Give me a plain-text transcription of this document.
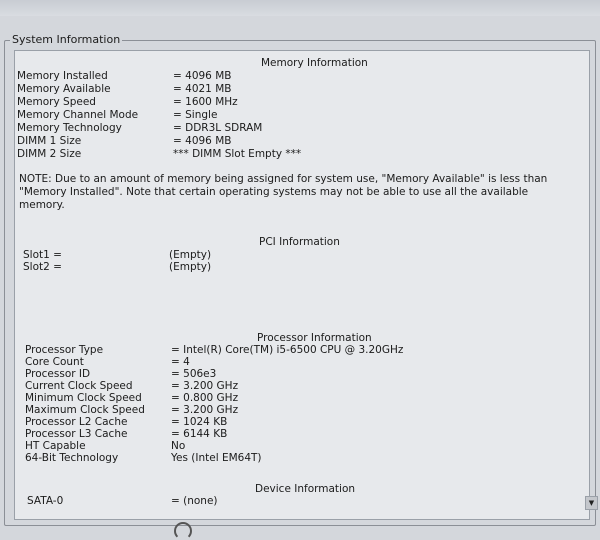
System Information
Memory Information
Memory Installed	= 4096 MB
Memory Available	= 4021 MB
Memory Speed	= 1600 MHz
Memory Channel Mode	= Single
Memory Technology	= DDR3L SDRAM
DIMM 1 Size	= 4096 MB
DIMM 2 Size	*** DIMM Slot Empty ***
NOTE: Due to an amount of memory being assigned for system use, "Memory Available" is less than "Memory Installed". Note that certain operating systems may not be able to use all the available memory.
PCI Information
Slot1 =	(Empty)
Slot2 =	(Empty)
Processor Information
Processor Type	= Intel(R) Core(TM) i5-6500 CPU @ 3.20GHz
Core Count	= 4
Processor ID	= 506e3
Current Clock Speed	= 3.200 GHz
Minimum Clock Speed	= 0.800 GHz
Maximum Clock Speed = 3.200 GHz
Processor L2 Cache	= 1024 KB
Processor L3 Cache	= 6144 KB
HT Capable	No
64-Bit Technology	Yes (Intel EM64T)
Device Information
SATA-0	= (none)	▼
